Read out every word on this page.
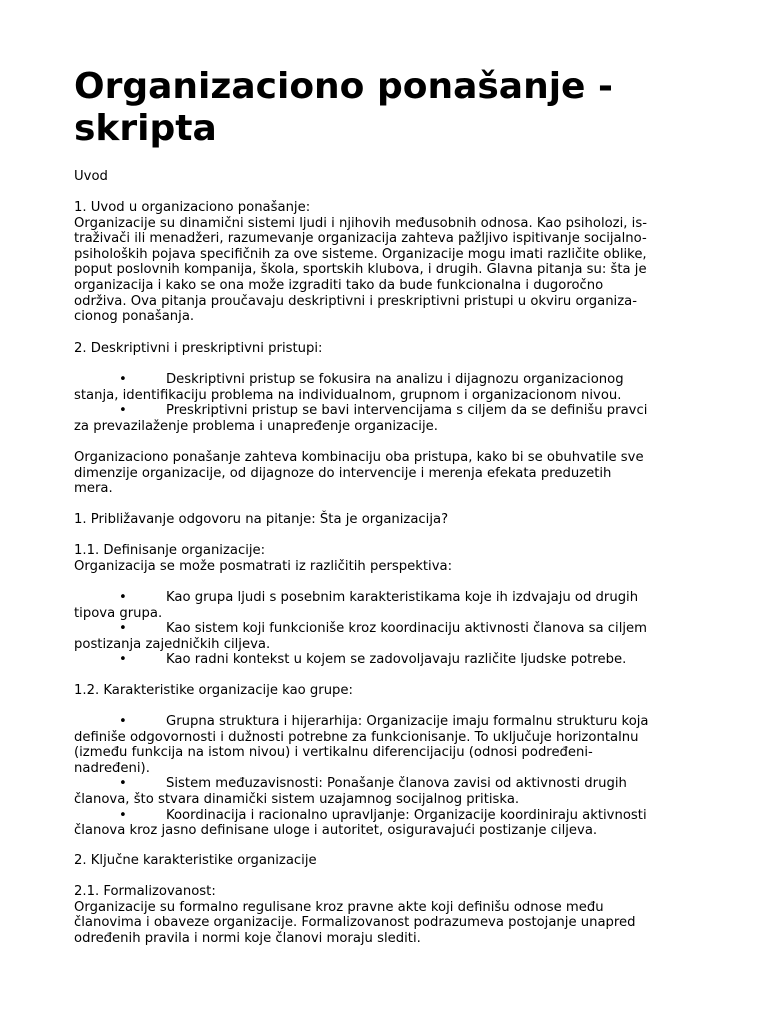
Organizaciono ponašanje -
skripta

Uvod

1. Uvod u organizaciono ponašanje:
Organizacije su dinamični sistemi ljudi i njihovih međusobnih odnosa. Kao psiholozi, is-
traživači ili menadžeri, razumevanje organizacija zahteva pažljivo ispitivanje socijalno-
psiholoških pojava specifičnih za ove sisteme. Organizacije mogu imati različite oblike,
poput poslovnih kompanija, škola, sportskih klubova, i drugih. Glavna pitanja su: šta je
organizacija i kako se ona može izgraditi tako da bude funkcionalna i dugoročno
održiva. Ova pitanja proučavaju deskriptivni i preskriptivni pristupi u okviru organiza-
cionog ponašanja.

2. Deskriptivni i preskriptivni pristupi:

•	Deskriptivni pristup se fokusira na analizu i dijagnozu organizacionog
stanja, identifikaciju problema na individualnom, grupnom i organizacionom nivou.
•	Preskriptivni pristup se bavi intervencijama s ciljem da se definišu pravci
za prevazilaženje problema i unapređenje organizacije.
Organizaciono ponašanje zahteva kombinaciju oba pristupa, kako bi se obuhvatile sve
dimenzije organizacije, od dijagnoze do intervencije i merenja efekata preduzetih
mera.

1. Približavanje odgovoru na pitanje: Šta je organizacija?

1.1. Definisanje organizacije:
Organizacija se može posmatrati iz različitih perspektiva:
•	Kao grupa ljudi s posebnim karakteristikama koje ih izdvajaju od drugih
tipova grupa.
•	Kao sistem koji funkcioniše kroz koordinaciju aktivnosti članova sa ciljem
postizanja zajedničkih ciljeva.
•	Kao radni kontekst u kojem se zadovoljavaju različite ljudske potrebe.

1.2. Karakteristike organizacije kao grupe:

•	Grupna struktura i hijerarhija: Organizacije imaju formalnu strukturu koja
definiše odgovornosti i dužnosti potrebne za funkcionisanje. To uključuje horizontalnu
(između funkcija na istom nivou) i vertikalnu diferencijaciju (odnosi podređeni-
nadređeni).
•	Sistem međuzavisnosti: Ponašanje članova zavisi od aktivnosti drugih
članova, što stvara dinamički sistem uzajamnog socijalnog pritiska.
•	Koordinacija i racionalno upravljanje: Organizacije koordiniraju aktivnosti
članova kroz jasno definisane uloge i autoritet, osiguravajući postizanje ciljeva.

2. Ključne karakteristike organizacije

2.1. Formalizovanost:
Organizacije su formalno regulisane kroz pravne akte koji definišu odnose među
članovima i obaveze organizacije. Formalizovanost podrazumeva postojanje unapred
određenih pravila i normi koje članovi moraju slediti.
